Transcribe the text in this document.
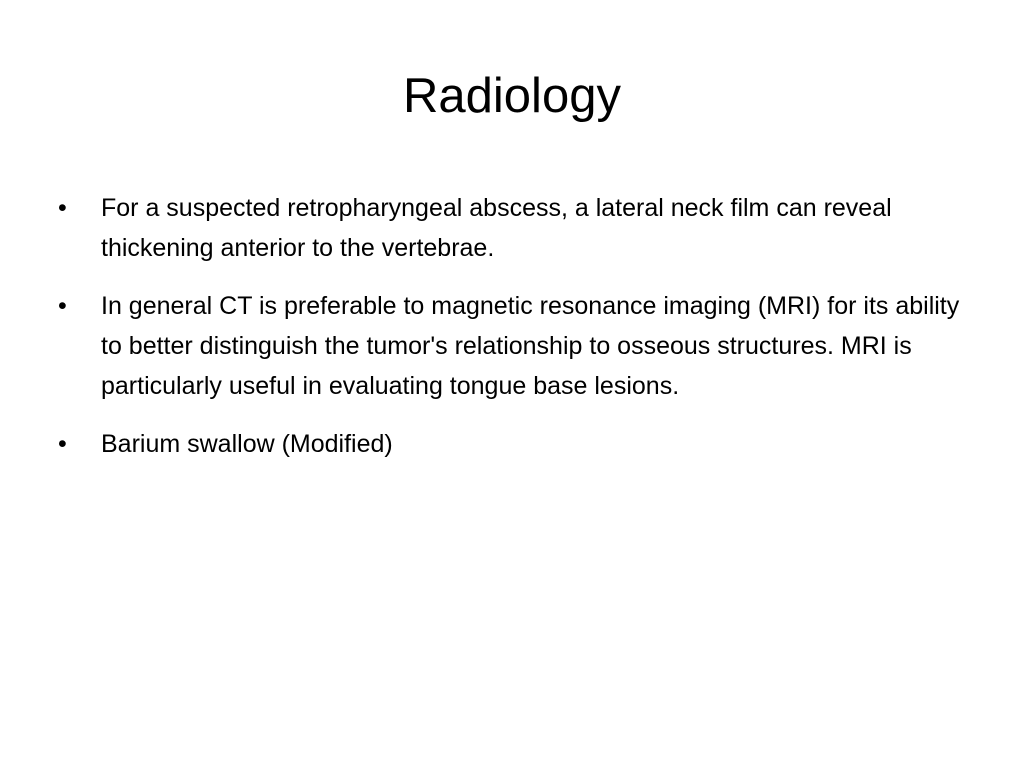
Radiology
•	For a suspected retropharyngeal abscess, a lateral neck film can reveal thickening anterior to the vertebrae.
•	In general CT is preferable to magnetic resonance imaging (MRI) for its ability to better distinguish the tumor's relationship to osseous structures. MRI is particularly useful in evaluating tongue base lesions.
•	Barium swallow (Modified)
